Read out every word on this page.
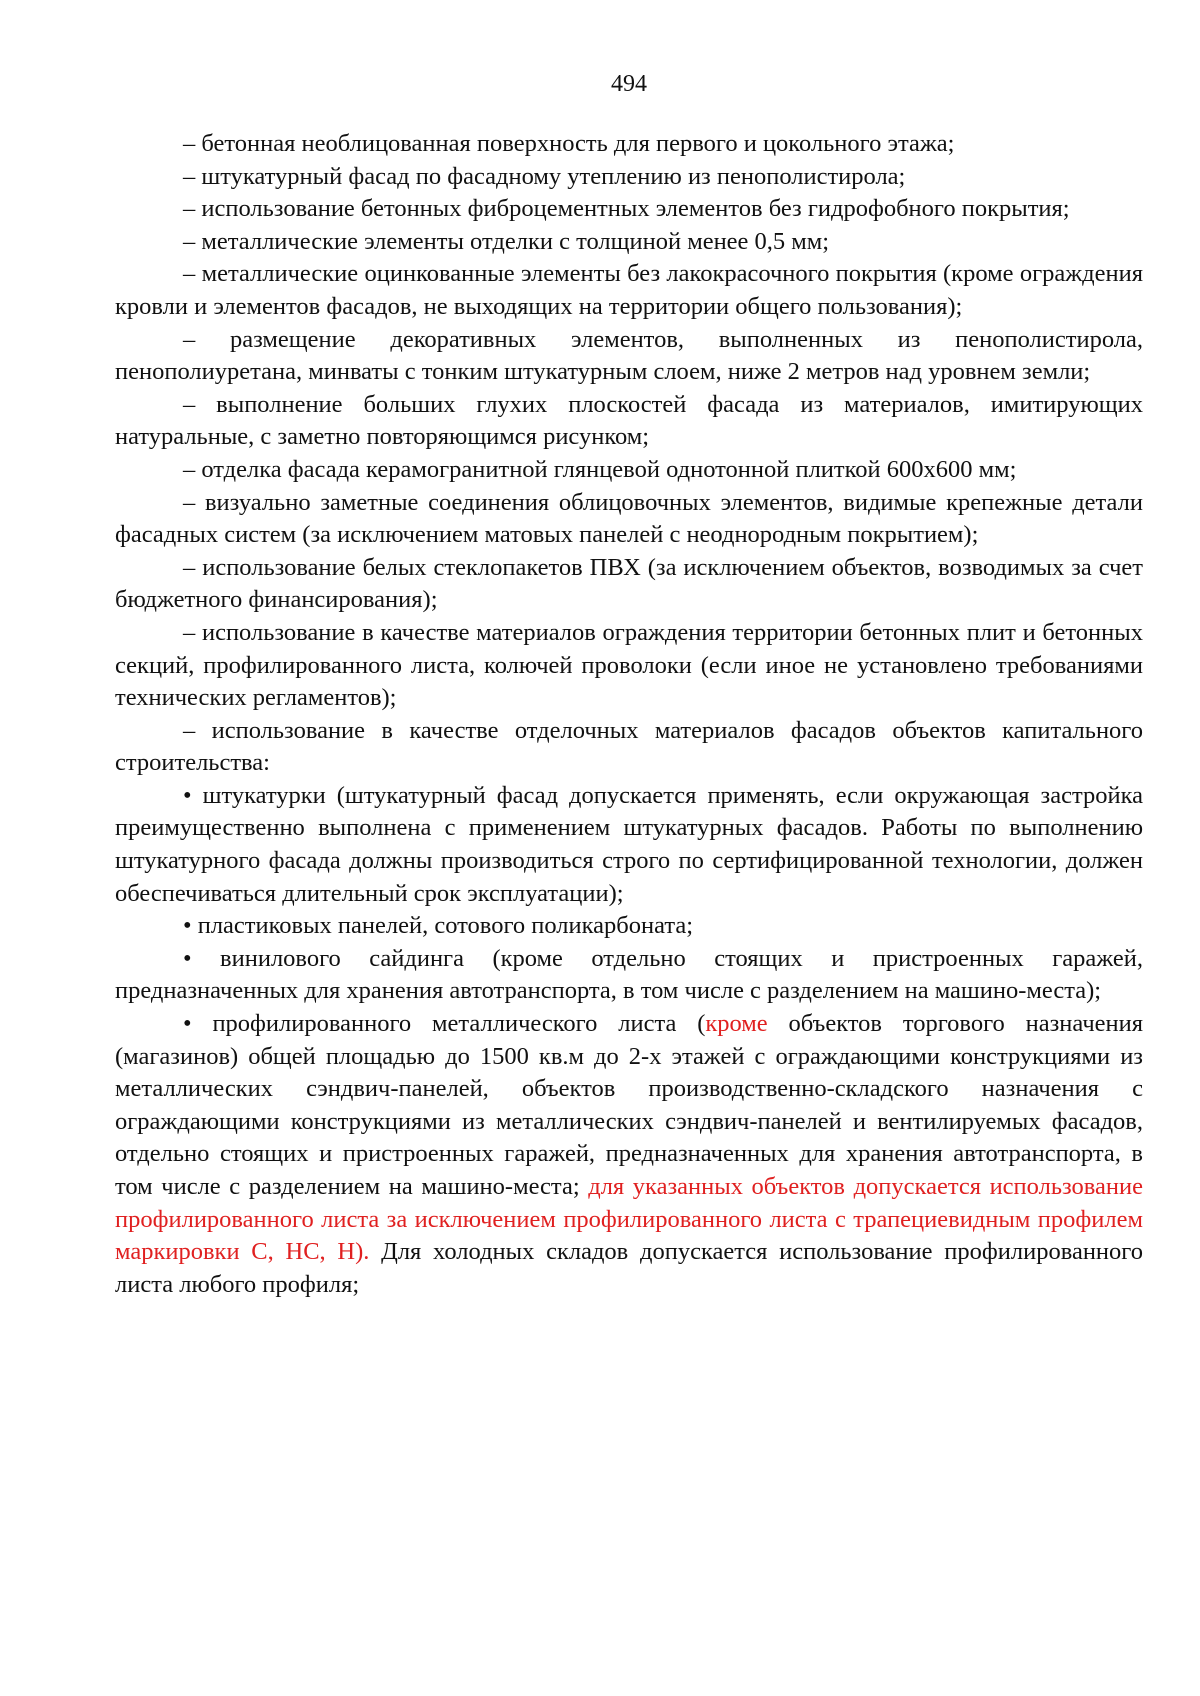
494

– бетонная необлицованная поверхность для первого и цокольного этажа;

– штукатурный фасад по фасадному утеплению из пенополистирола;

– использование бетонных фиброцементных элементов без гидрофобного покрытия;

– металлические элементы отделки с толщиной менее 0,5 мм;

– металлические оцинкованные элементы без лакокрасочного покрытия (кроме ограждения кровли и элементов фасадов, не выходящих на территории общего пользования);

– размещение декоративных элементов, выполненных из пенополистирола, пенополиуретана, минваты с тонким штукатурным слоем, ниже 2 метров над уровнем земли;

– выполнение больших глухих плоскостей фасада из материалов, имитирующих натуральные, с заметно повторяющимся рисунком;

– отделка фасада керамогранитной глянцевой однотонной плиткой 600х600 мм;

– визуально заметные соединения облицовочных элементов, видимые крепежные детали фасадных систем (за исключением матовых панелей с неоднородным покрытием);

– использование белых стеклопакетов ПВХ (за исключением объектов, возводимых за счет бюджетного финансирования);

– использование в качестве материалов ограждения территории бетонных плит и бетонных секций, профилированного листа, колючей проволоки (если иное не установлено требованиями технических регламентов);

– использование в качестве отделочных материалов фасадов объектов капитального строительства:

• штукатурки (штукатурный фасад допускается применять, если окружающая застройка преимущественно выполнена с применением штукатурных фасадов. Работы по выполнению штукатурного фасада должны производиться строго по сертифицированной технологии, должен обеспечиваться длительный срок эксплуатации);

• пластиковых панелей, сотового поликарбоната;

• винилового сайдинга (кроме отдельно стоящих и пристроенных гаражей, предназначенных для хранения автотранспорта, в том числе с разделением на машино-места);

• профилированного металлического листа (кроме объектов торгового назначения (магазинов) общей площадью до 1500 кв.м до 2-х этажей с ограждающими конструкциями из металлических сэндвич-панелей, объектов производственно-складского назначения с ограждающими конструкциями из металлических сэндвич-панелей и вентилируемых фасадов, отдельно стоящих и пристроенных гаражей, предназначенных для хранения автотранспорта, в том числе с разделением на машино-места; для указанных объектов допускается использование профилированного листа за исключением профилированного листа с трапециевидным профилем маркировки С, НС, Н). Для холодных складов допускается использование профилированного листа любого профиля;
